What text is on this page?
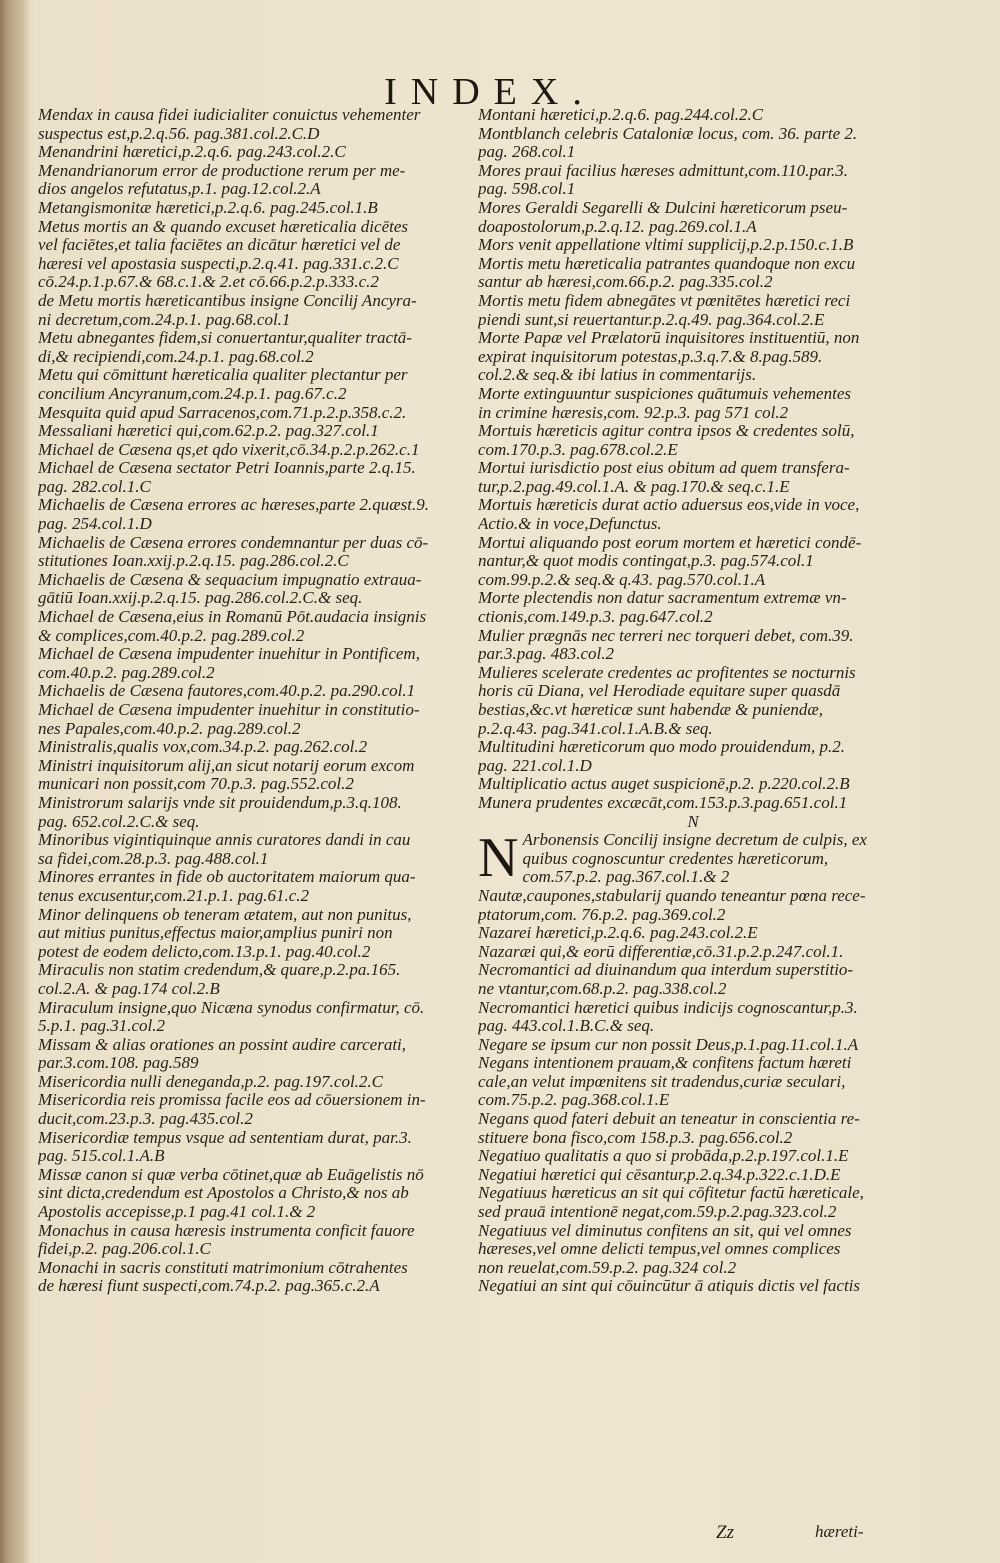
INDEX.
Mendax in causa fidei iudicialiter conuictus vehementer
suspectus est,p.2.q.56. pag.381.col.2.C.D
Menandrini hæretici,p.2.q.6. pag.243.col.2.C
Menandrianorum error de productione rerum per me-
dios angelos refutatus,p.1. pag.12.col.2.A
Metangismonitæ hæretici,p.2.q.6. pag.245.col.1.B
Metus mortis an & quando excuset hæreticalia dicētes
vel faciētes,et talia faciētes an dicātur hæretici vel de
hæresi vel apostasia suspecti,p.2.q.41. pag.331.c.2.C
cō.24.p.1.p.67.& 68.c.1.& 2.et cō.66.p.2.p.333.c.2
de Metu mortis hæreticantibus insigne Concilij Ancyra-
ni decretum,com.24.p.1. pag.68.col.1
Metu abnegantes fidem,si conuertantur,qualiter tractā-
di,& recipiendi,com.24.p.1. pag.68.col.2
Metu qui cōmittunt hæreticalia qualiter plectantur per
concilium Ancyranum,com.24.p.1. pag.67.c.2
Mesquita quid apud Sarracenos,com.71.p.2.p.358.c.2.
Messaliani hæretici qui,com.62.p.2. pag.327.col.1
Michael de Cæsena qs,et qdo vixerit,cō.34.p.2.p.262.c.1
Michael de Cæsena sectator Petri Ioannis,parte 2.q.15.
pag. 282.col.1.C
Michaelis de Cæsena errores ac hæreses,parte 2.quæst.9.
pag. 254.col.1.D
Michaelis de Cæsena errores condemnantur per duas cō-
stitutiones Ioan.xxij.p.2.q.15. pag.286.col.2.C
Michaelis de Cæsena & sequacium impugnatio extraua-
gātiū Ioan.xxij.p.2.q.15. pag.286.col.2.C.& seq.
Michael de Cæsena,eius in Romanū Pōt.audacia insignis
& complices,com.40.p.2. pag.289.col.2
Michael de Cæsena impudenter inuehitur in Pontificem,
com.40.p.2. pag.289.col.2
Michaelis de Cæsena fautores,com.40.p.2. pa.290.col.1
Michael de Cæsena impudenter inuehitur in constitutio-
nes Papales,com.40.p.2. pag.289.col.2
Ministralis,qualis vox,com.34.p.2. pag.262.col.2
Ministri inquisitorum alij,an sicut notarij eorum excom
municari non possit,com 70.p.3. pag.552.col.2
Ministrorum salarijs vnde sit prouidendum,p.3.q.108.
pag. 652.col.2.C.& seq.
Minoribus vigintiquinque annis curatores dandi in cau
sa fidei,com.28.p.3. pag.488.col.1
Minores errantes in fide ob auctoritatem maiorum qua-
tenus excusentur,com.21.p.1. pag.61.c.2
Minor delinquens ob teneram ætatem, aut non punitus,
aut mitius punitus,effectus maior,amplius puniri non
potest de eodem delicto,com.13.p.1. pag.40.col.2
Miraculis non statim credendum,& quare,p.2.pa.165.
col.2.A. & pag.174 col.2.B
Miraculum insigne,quo Nicæna synodus confirmatur, cō.
5.p.1. pag.31.col.2
Missam & alias orationes an possint audire carcerati,
par.3.com.108. pag.589
Misericordia nulli deneganda,p.2. pag.197.col.2.C
Misericordia reis promissa facile eos ad cōuersionem in-
ducit,com.23.p.3. pag.435.col.2
Misericordiæ tempus vsque ad sententiam durat, par.3.
pag. 515.col.1.A.B
Missæ canon si quæ verba cōtinet,quæ ab Euāgelistis nō
sint dicta,credendum est Apostolos a Christo,& nos ab
Apostolis accepisse,p.1 pag.41 col.1.& 2
Monachus in causa hæresis instrumenta conficit fauore
fidei,p.2. pag.206.col.1.C
Monachi in sacris constituti matrimonium cōtrahentes
de hæresi fiunt suspecti,com.74.p.2. pag.365.c.2.A
Montani hæretici,p.2.q.6. pag.244.col.2.C
Montblanch celebris Cataloniæ locus, com. 36. parte 2.
pag. 268.col.1
Mores praui facilius hæreses admittunt,com.110.par.3.
pag. 598.col.1
Mores Geraldi Segarelli & Dulcini hæreticorum pseu-
doapostolorum,p.2.q.12. pag.269.col.1.A
Mors venit appellatione vltimi supplicij,p.2.p.150.c.1.B
Mortis metu hæreticalia patrantes quandoque non excu
santur ab hæresi,com.66.p.2. pag.335.col.2
Mortis metu fidem abnegātes vt pœnitētes hæretici reci
piendi sunt,si reuertantur.p.2.q.49. pag.364.col.2.E
Morte Papæ vel Prælatorū inquisitores instituentiū, non
expirat inquisitorum potestas,p.3.q.7.& 8.pag.589.
col.2.& seq.& ibi latius in commentarijs.
Morte extinguuntur suspiciones quātumuis vehementes
in crimine hæresis,com. 92.p.3. pag 571 col.2
Mortuis hæreticis agitur contra ipsos & credentes solū,
com.170.p.3. pag.678.col.2.E
Mortui iurisdictio post eius obitum ad quem transfera-
tur,p.2.pag.49.col.1.A. & pag.170.& seq.c.1.E
Mortuis hæreticis durat actio aduersus eos,vide in voce,
Actio.& in voce,Defunctus.
Mortui aliquando post eorum mortem et hæretici condē-
nantur,& quot modis contingat,p.3. pag.574.col.1
com.99.p.2.& seq.& q.43. pag.570.col.1.A
Morte plectendis non datur sacramentum extremæ vn-
ctionis,com.149.p.3. pag.647.col.2
Mulier prægnās nec terreri nec torqueri debet, com.39.
par.3.pag. 483.col.2
Mulieres scelerate credentes ac profitentes se nocturnis
horis cū Diana, vel Herodiade equitare super quasdā
bestias,&c.vt hæreticæ sunt habendæ & puniendæ,
p.2.q.43. pag.341.col.1.A.B.& seq.
Multitudini hæreticorum quo modo prouidendum, p.2.
pag. 221.col.1.D
Multiplicatio actus auget suspicionē,p.2. p.220.col.2.B
Munera prudentes excæcāt,com.153.p.3.pag.651.col.1
N
N Arbonensis Concilij insigne decretum de culpis, ex
quibus cognoscuntur credentes hæreticorum,
com.57.p.2. pag.367.col.1.& 2
Nautæ,caupones,stabularij quando teneantur pœna rece-
ptatorum,com. 76.p.2. pag.369.col.2
Nazarei hæretici,p.2.q.6. pag.243.col.2.E
Nazaræi qui,& eorū differentiæ,cō.31.p.2.p.247.col.1.
Necromantici ad diuinandum qua interdum superstitio-
ne vtantur,com.68.p.2. pag.338.col.2
Necromantici hæretici quibus indicijs cognoscantur,p.3.
pag. 443.col.1.B.C.& seq.
Negare se ipsum cur non possit Deus,p.1.pag.11.col.1.A
Negans intentionem prauam,& confitens factum hæreti
cale,an velut impœnitens sit tradendus,curiæ seculari,
com.75.p.2. pag.368.col.1.E
Negans quod fateri debuit an teneatur in conscientia re-
stituere bona fisco,com 158.p.3. pag.656.col.2
Negatiuo qualitatis a quo si probāda,p.2.p.197.col.1.E
Negatiui hæretici qui cēsantur,p.2.q.34.p.322.c.1.D.E
Negatiuus hæreticus an sit qui cōfitetur factū hæreticale,
sed prauā intentionē negat,com.59.p.2.pag.323.col.2
Negatiuus vel diminutus confitens an sit, qui vel omnes
hæreses,vel omne delicti tempus,vel omnes complices
non reuelat,com.59.p.2. pag.324 col.2
Negatiui an sint qui cōuincūtur ā atiquis dictis vel factis
Zz	hæreti-
